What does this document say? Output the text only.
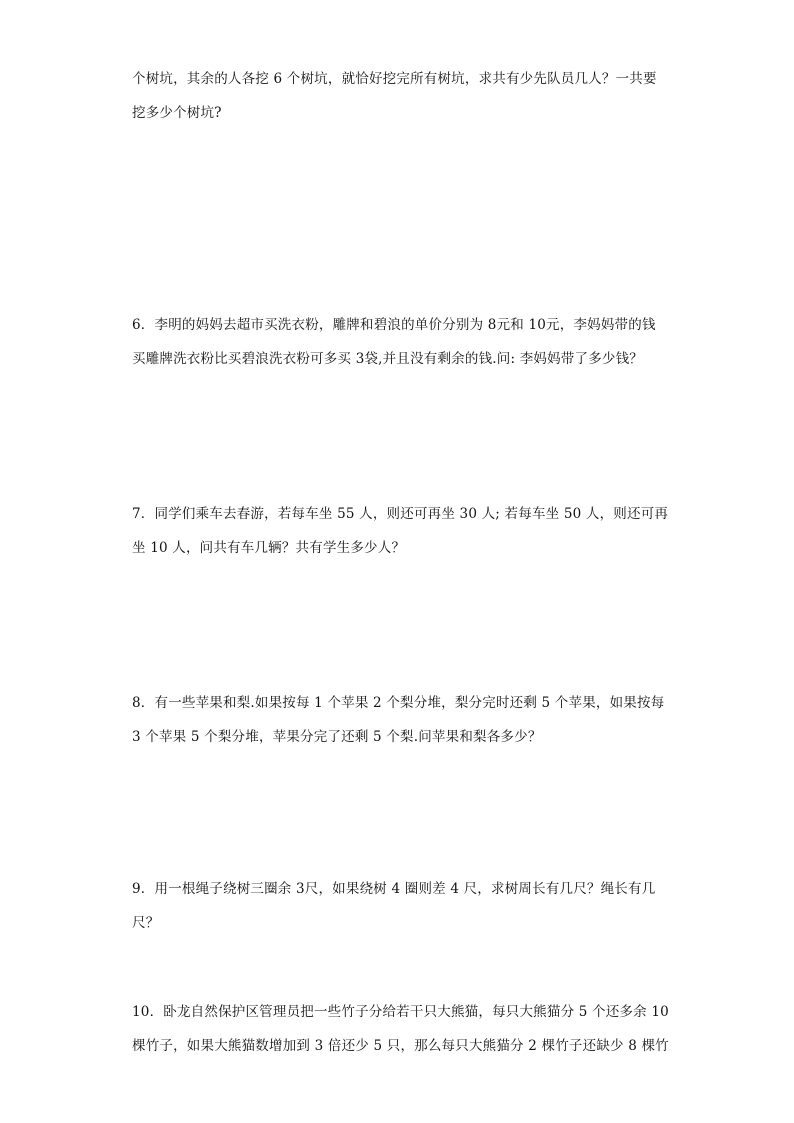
个树坑，其余的人各挖 6 个树坑，就恰好挖完所有树坑，求共有少先队员几人？一共要
挖多少个树坑?
6．李明的妈妈去超市买洗衣粉，雕牌和碧浪的单价分别为 8元和 10元，李妈妈带的钱
买雕牌洗衣粉比买碧浪洗衣粉可多买 3袋,并且没有剩余的钱.问: 李妈妈带了多少钱？
7．同学们乘车去春游，若每车坐 55 人，则还可再坐 30 人; 若每车坐 50 人，则还可再
坐 10 人，问共有车几辆？共有学生多少人？
8．有一些苹果和梨.如果按每 1 个苹果 2 个梨分堆，梨分完时还剩 5 个苹果，如果按每
3 个苹果 5 个梨分堆，苹果分完了还剩 5 个梨.问苹果和梨各多少？
9．用一根绳子绕树三圈余 3尺，如果绕树 4 圈则差 4 尺，求树周长有几尺？绳长有几
尺？
10．卧龙自然保护区管理员把一些竹子分给若干只大熊猫，每只大熊猫分 5 个还多余 10
棵竹子，如果大熊猫数增加到 3 倍还少 5 只，那么每只大熊猫分 2 棵竹子还缺少 8 棵竹
